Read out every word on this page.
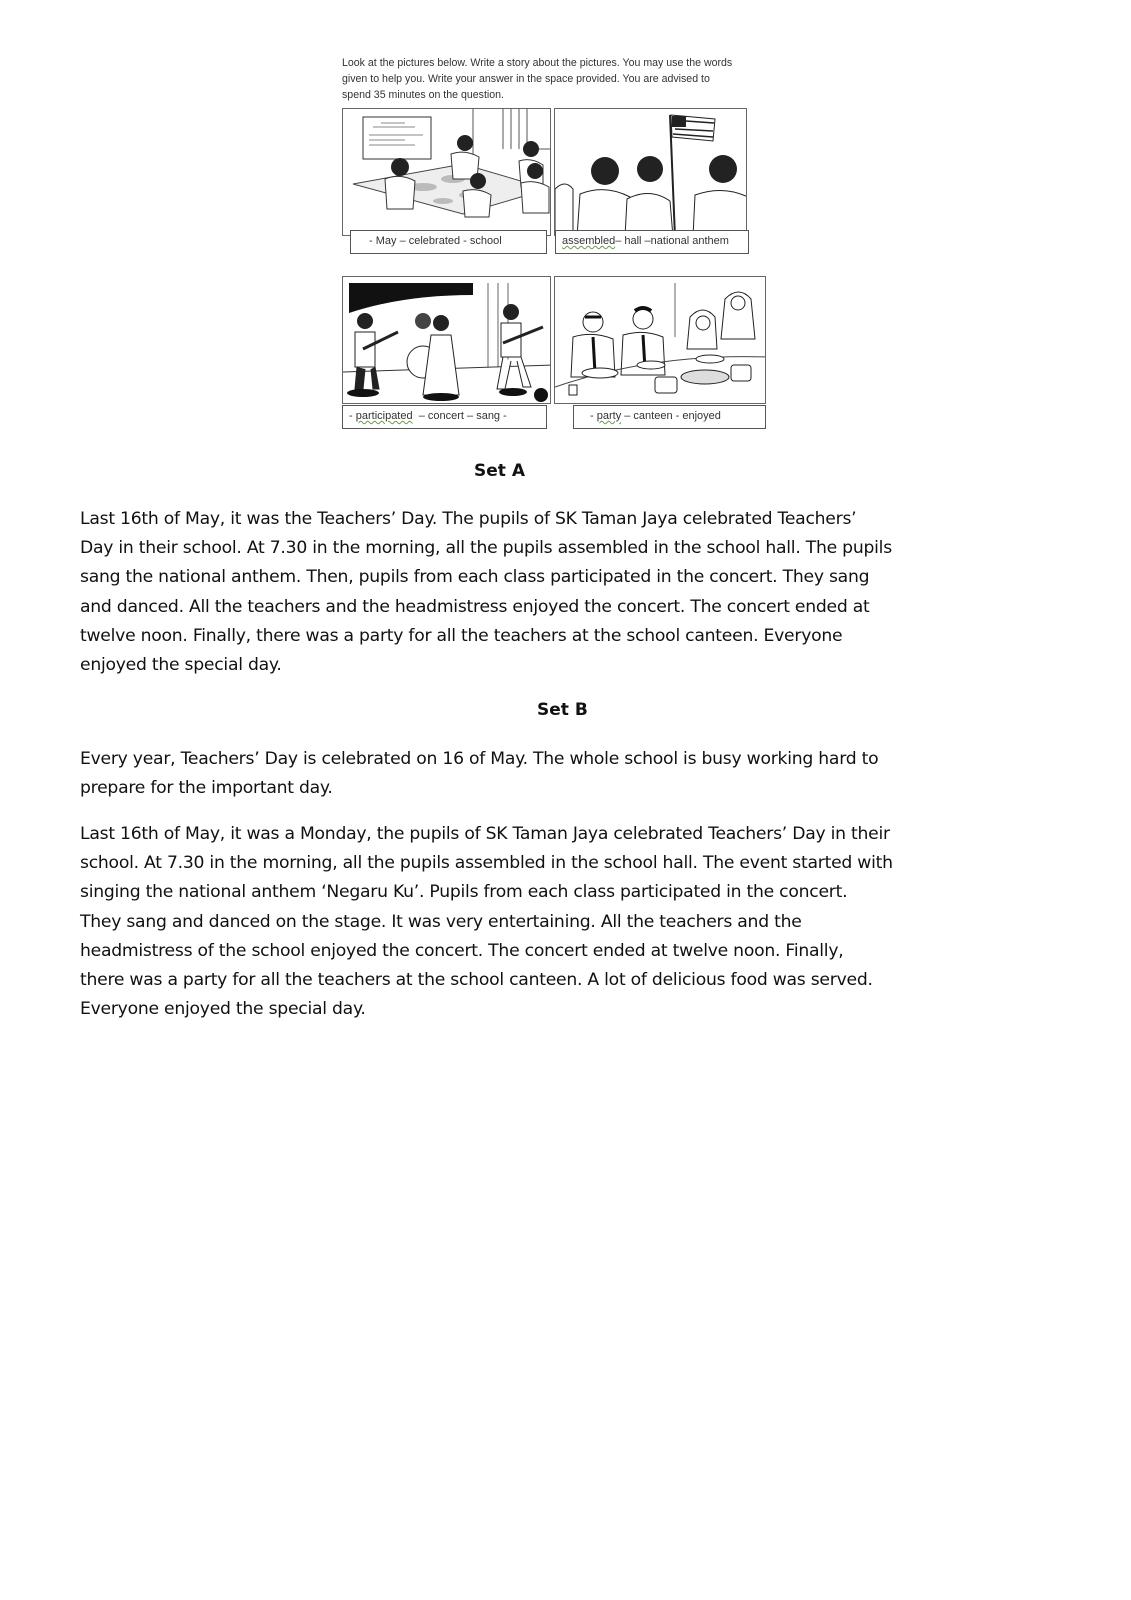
Look at the pictures below. Write a story about the pictures. You may use the words
given to help you. Write your answer in the space provided. You are advised to
spend 35 minutes on the question.
- May – celebrated - school	assembled– hall –national anthem
- participated  – concert – sang -	- party – canteen - enjoyed
Set A
Last 16th of May, it was the Teachers’ Day. The pupils of SK Taman Jaya celebrated Teachers’
Day in their school. At 7.30 in the morning, all the pupils assembled in the school hall. The pupils
sang the national anthem. Then, pupils from each class participated in the concert. They sang
and danced. All the teachers and the headmistress enjoyed the concert. The concert ended at
twelve noon. Finally, there was a party for all the teachers at the school canteen. Everyone
enjoyed the special day.
Set B
Every year, Teachers’ Day is celebrated on 16 of May. The whole school is busy working hard to
prepare for the important day.
Last 16th of May, it was a Monday, the pupils of SK Taman Jaya celebrated Teachers’ Day in their
school. At 7.30 in the morning, all the pupils assembled in the school hall. The event started with
singing the national anthem ‘Negaru Ku’. Pupils from each class participated in the concert.
They sang and danced on the stage. It was very entertaining. All the teachers and the
headmistress of the school enjoyed the concert. The concert ended at twelve noon. Finally,
there was a party for all the teachers at the school canteen. A lot of delicious food was served.
Everyone enjoyed the special day.
